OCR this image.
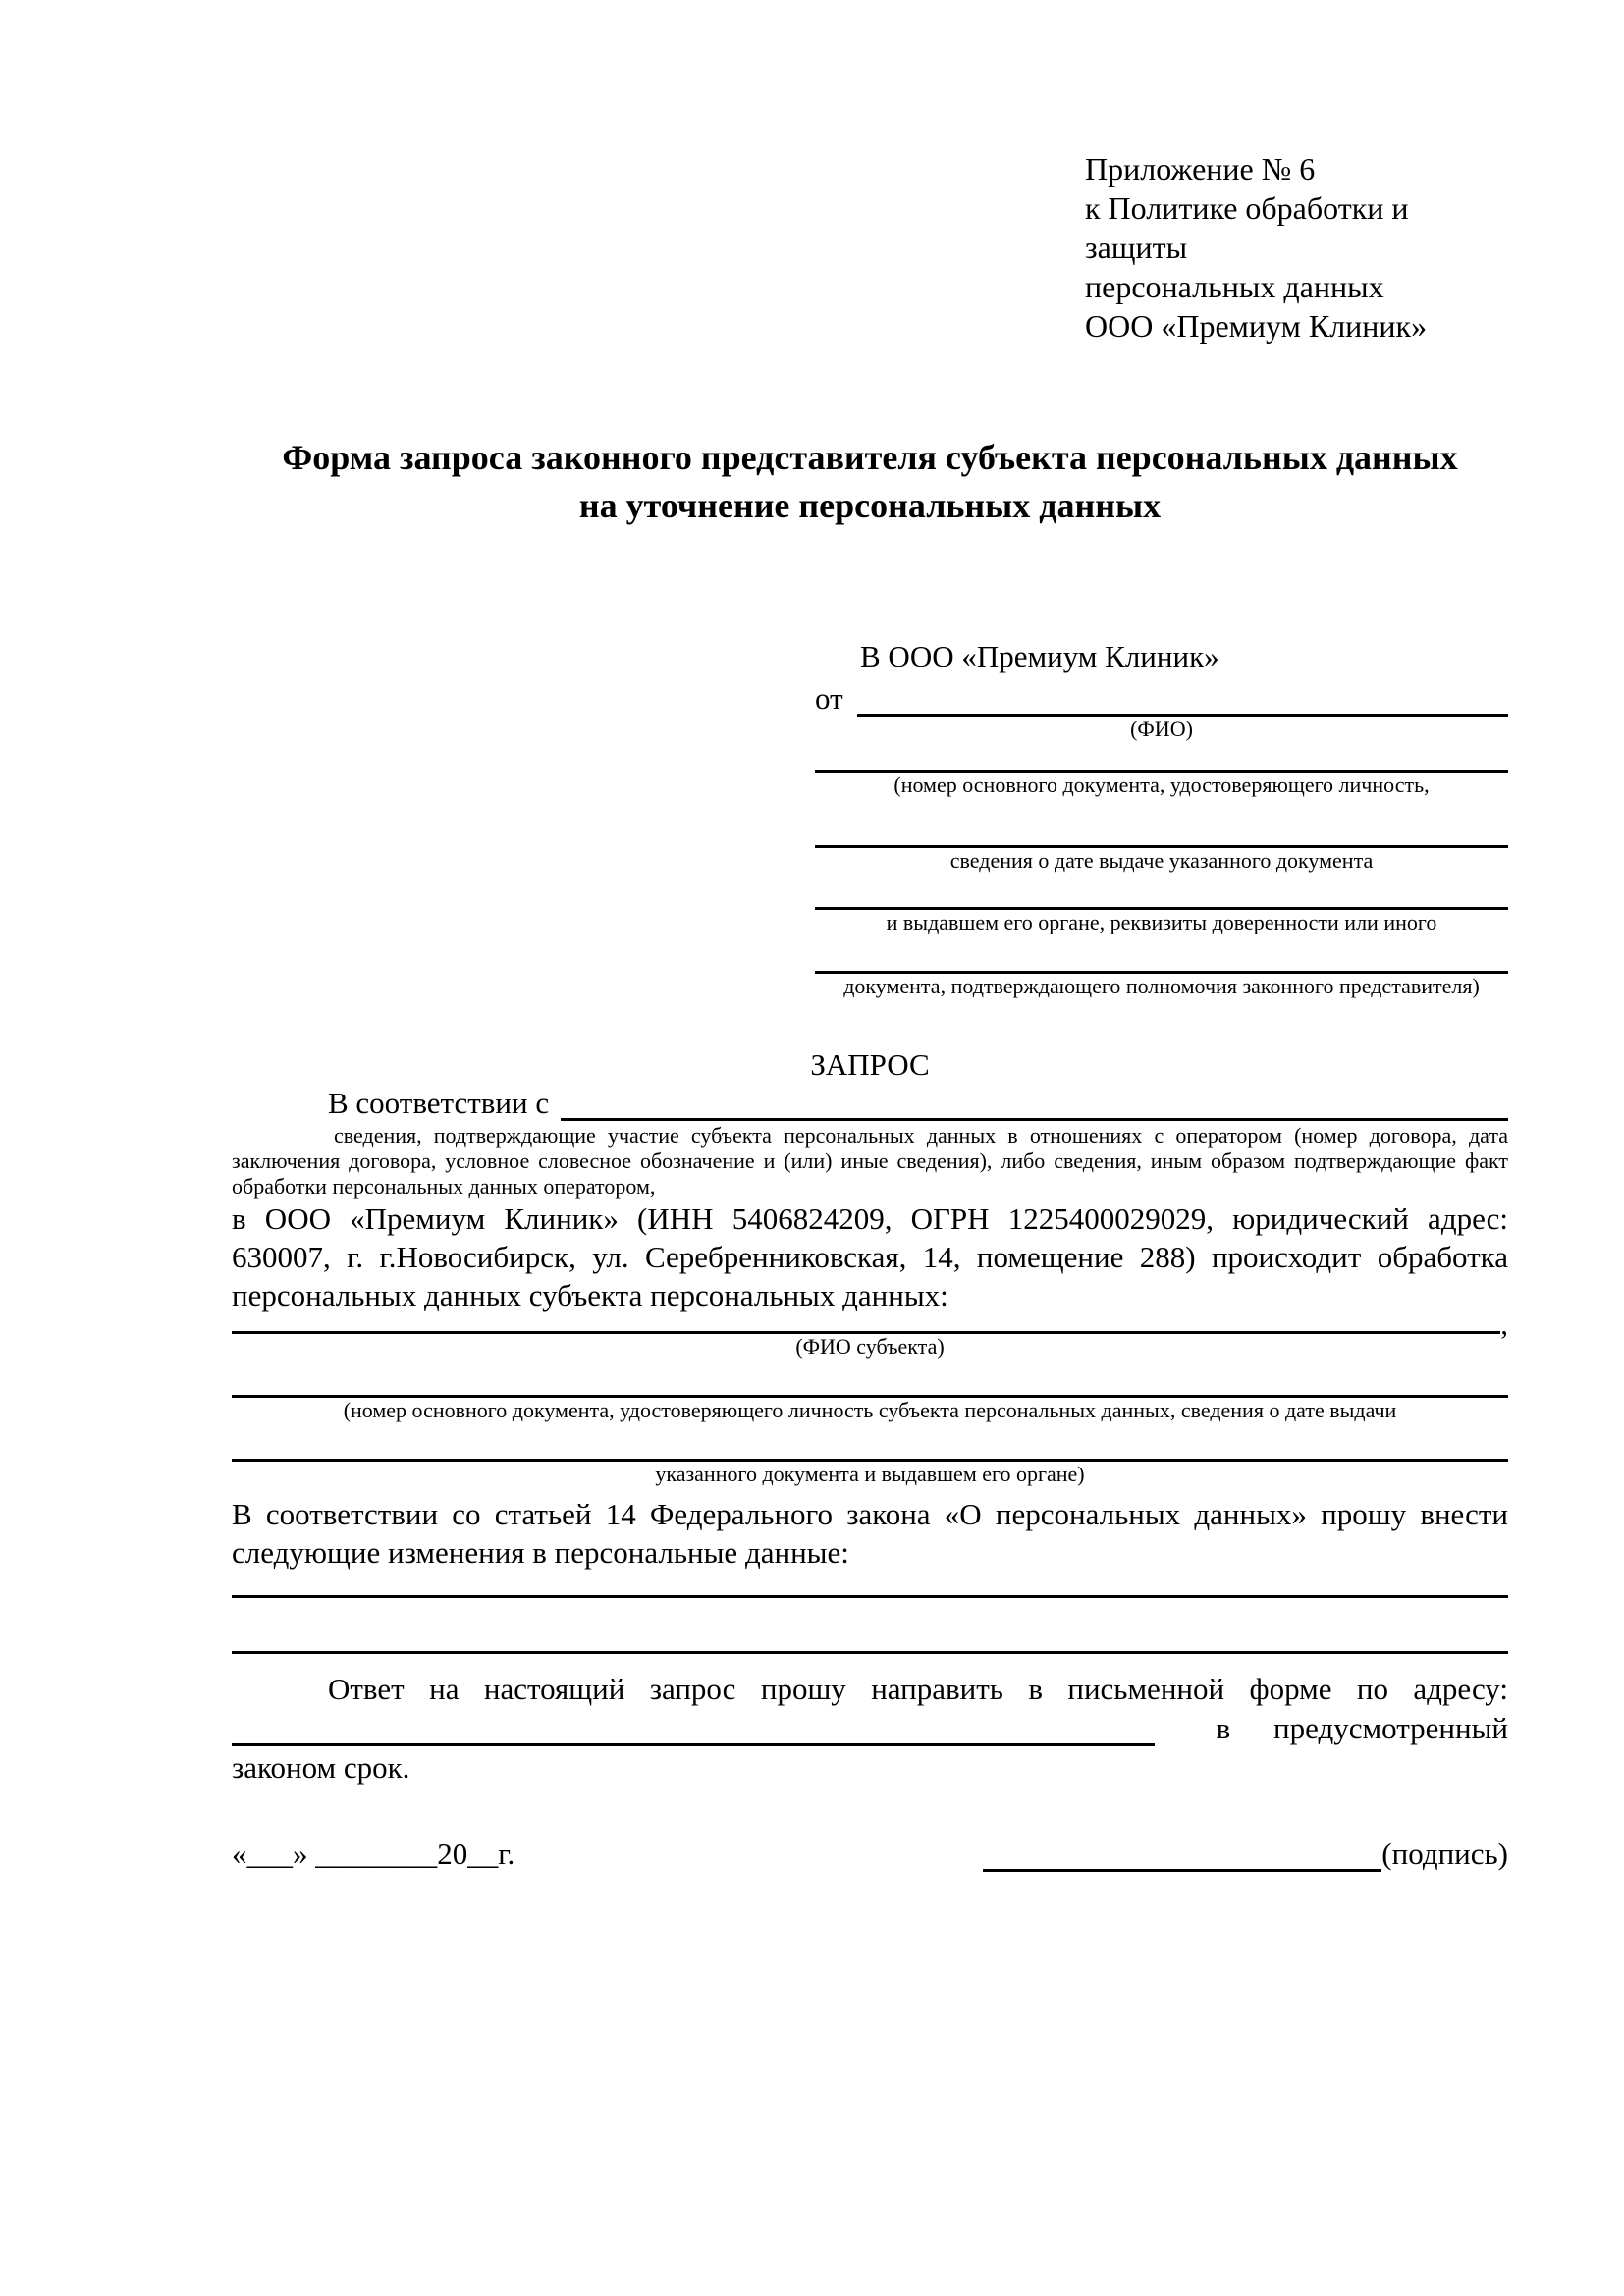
Приложение № 6
к Политике обработки и защиты
персональных данных
ООО «Премиум Клиник»
Форма запроса законного представителя субъекта персональных данных
на уточнение персональных данных
В ООО «Премиум Клиник»
от
(ФИО)
(номер основного документа, удостоверяющего личность,
сведения о дате выдаче указанного документа
и выдавшем его органе, реквизиты доверенности или иного
документа, подтверждающего полномочия законного представителя)
ЗАПРОС
В соответствии с

сведения, подтверждающие участие субъекта персональных данных в отношениях с оператором (номер договора, дата заключения договора, условное словесное обозначение и (или) иные сведения), либо сведения, иным образом подтверждающие факт обработки персональных данных оператором,

в ООО «Премиум Клиник» (ИНН 5406824209, ОГРН 1225400029029, юридический адрес: 630007, г. г.Новосибирск, ул. Серебренниковская, 14, помещение 288) происходит обработка персональных данных субъекта персональных данных:

,
(ФИО субъекта)
(номер основного документа, удостоверяющего личность субъекта персональных данных, сведения о дате выдачи
указанного документа и выдавшем его органе)

В соответствии со статьей 14 Федерального закона «О персональных данных» прошу внести следующие изменения в персональные данные:

Ответ на настоящий запрос прошу направить в письменной форме по адресу:

в предусмотренный

законом срок.

«___» ________20__г.	(подпись)
